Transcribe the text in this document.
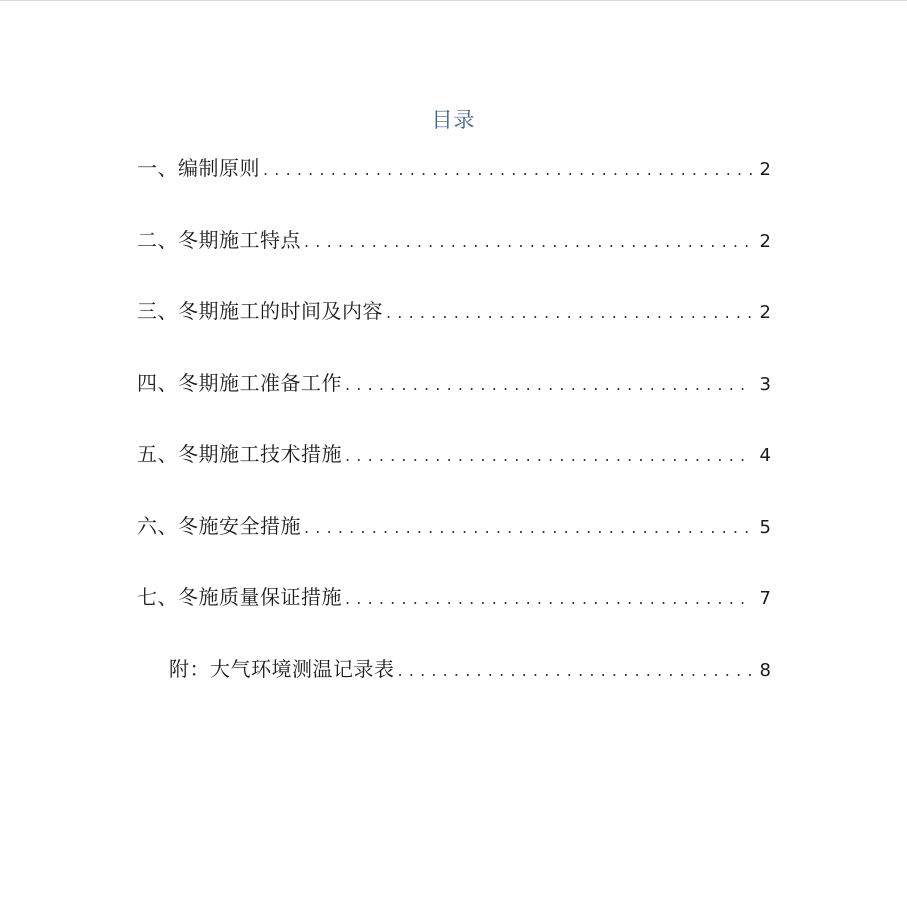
目录
一、编制原则 .....	2
二、冬期施工特点 .....	2
三、冬期施工的时间及内容 .....	2
四、冬期施工准备工作 .....	3
五、冬期施工技术措施 .....	4
六、冬施安全措施 .....	5
七、冬施质量保证措施 .....	7
附：大气环境测温记录表 .....	8
